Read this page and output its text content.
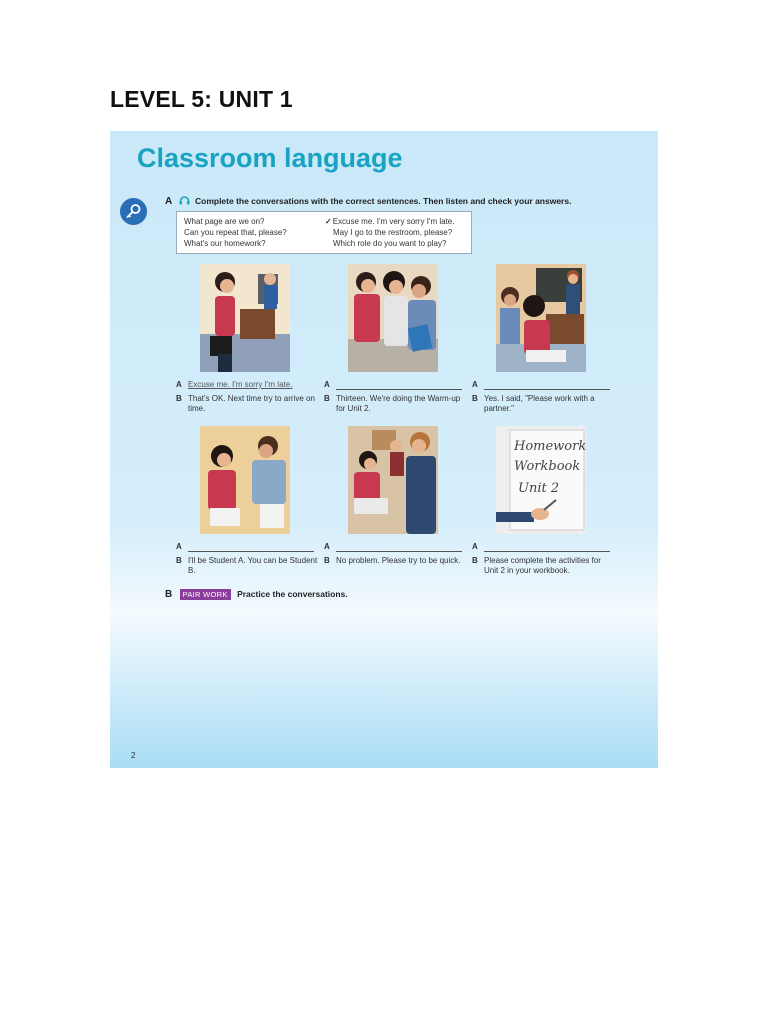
LEVEL 5: UNIT 1
Classroom language
A	Complete the conversations with the correct sentences. Then listen and check your answers.
What page are we on?
Can you repeat that, please?
What's our homework?
✓Excuse me. I'm very sorry I'm late.
May I go to the restroom, please?
Which role do you want to play?
A Excuse me. I'm sorry I'm late.
B That's OK. Next time try to arrive on time.
A
B Thirteen. We're doing the Warm-up for Unit 2.
A
B Yes. I said, "Please work with a partner."
Homework
Workbook
Unit 2
A
B I'll be Student A. You can be Student B.
A
B No problem. Please try to be quick.
A
B Please complete the activities for Unit 2 in your workbook.
B PAIR WORK Practice the conversations.
2
